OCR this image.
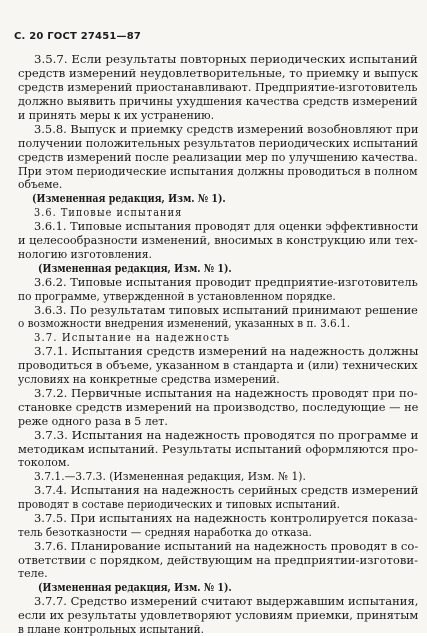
С. 20 ГОСТ 27451—87
3.5.7. Если результаты повторных периодических испытаний
средств измерений неудовлетворительные, то приемку и выпуск
средств измерений приостанавливают. Предприятие-изготовитель
должно выявить причины ухудшения качества средств измерений
и принять меры к их устранению.
3.5.8. Выпуск и приемку средств измерений возобновляют при
получении положительных результатов периодических испытаний
средств измерений после реализации мер по улучшению качества.
При этом периодические испытания должны проводиться в полном
объеме.
(Измененная редакция, Изм. № 1).
3.6. Типовые испытания
3.6.1. Типовые испытания проводят для оценки эффективности
и целесообразности изменений, вносимых в конструкцию или тех-
нологию изготовления.
(Измененная редакция, Изм. № 1).
3.6.2. Типовые испытания проводит предприятие-изготовитель
по программе, утвержденной в установленном порядке.
3.6.3. По результатам типовых испытаний принимают решение
о возможности внедрения изменений, указанных в п. 3.6.1.
3.7. Испытание на надежность
3.7.1. Испытания средств измерений на надежность должны
проводиться в объеме, указанном в стандарта и (или) технических
условиях на конкретные средства измерений.
3.7.2. Первичные испытания на надежность проводят при по-
становке средств измерений на производство, последующие — не
реже одного раза в 5 лет.
3.7.3. Испытания на надежность проводятся по программе и
методикам испытаний. Результаты испытаний оформляются про-
токолом.
3.7.1.—3.7.3. (Измененная редакция, Изм. № 1).
3.7.4. Испытания на надежность серийных средств измерений
проводят в составе периодических и типовых испытаний.
3.7.5. При испытаниях на надежность контролируется показа-
тель безотказности — средняя наработка до отказа.
3.7.6. Планирование испытаний на надежность проводят в со-
ответствии с порядком, действующим на предприятии-изготови-
теле.
(Измененная редакция, Изм. № 1).
3.7.7. Средство измерений считают выдержавшим испытания,
если их результаты удовлетворяют условиям приемки, принятым
в плане контрольных испытаний.
